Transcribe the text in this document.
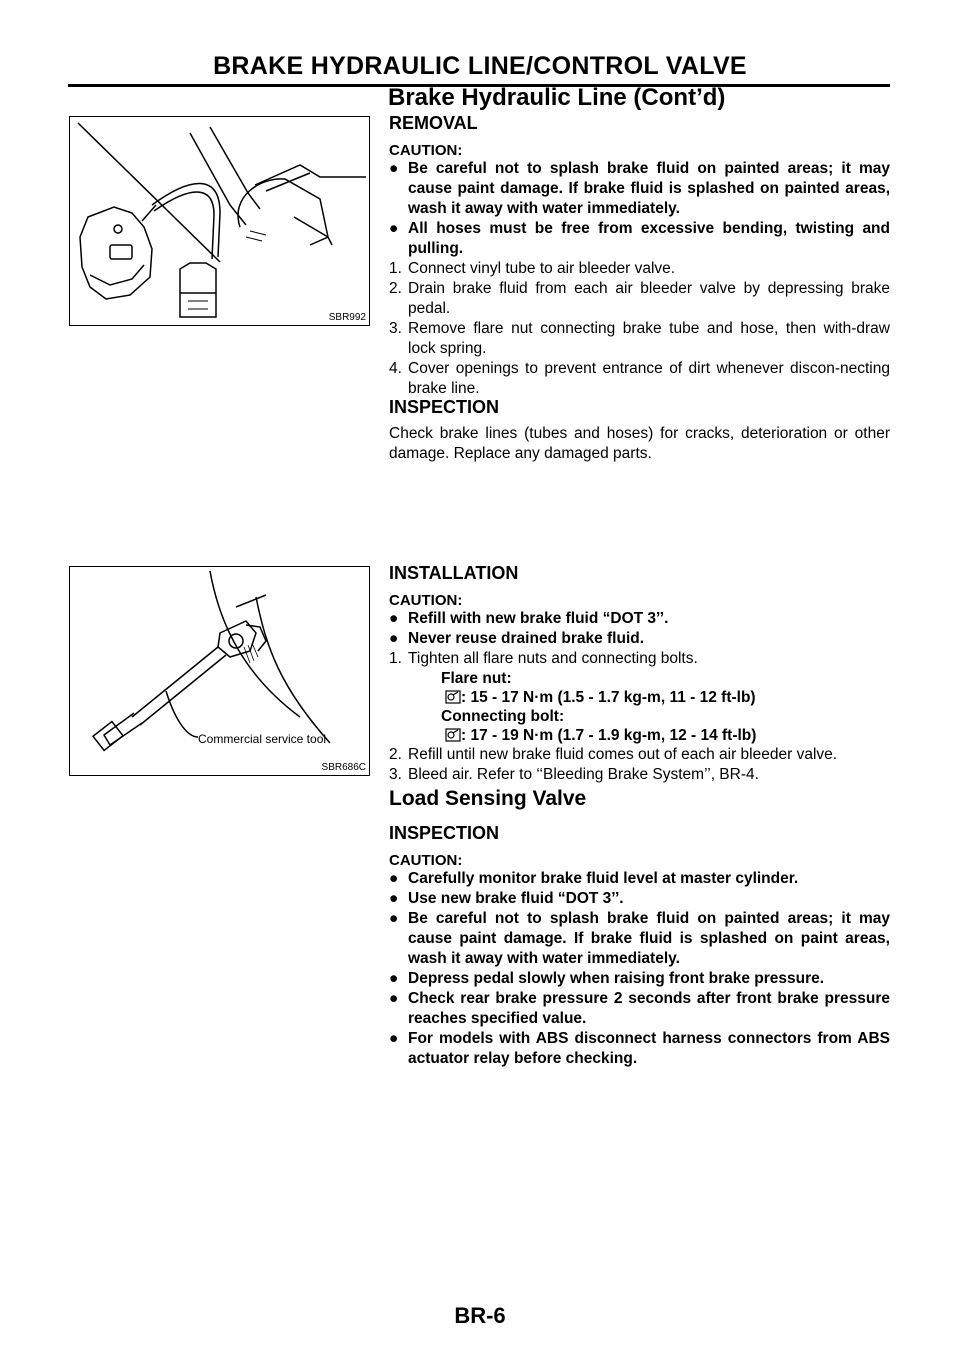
BRAKE HYDRAULIC LINE/CONTROL VALVE
Brake Hydraulic Line (Cont’d)
SBR992
REMOVAL
CAUTION:
● Be careful not to splash brake fluid on painted areas; it may cause paint damage. If brake fluid is splashed on painted areas, wash it away with water immediately.
● All hoses must be free from excessive bending, twisting and pulling.
1. Connect vinyl tube to air bleeder valve.
2. Drain brake fluid from each air bleeder valve by depressing brake pedal.
3. Remove flare nut connecting brake tube and hose, then with-draw lock spring.
4. Cover openings to prevent entrance of dirt whenever discon-necting brake line.
INSPECTION
Check brake lines (tubes and hoses) for cracks, deterioration or other damage. Replace any damaged parts.
Commercial service tool
SBR686C
INSTALLATION
CAUTION:
● Refill with new brake fluid “DOT 3’’.
● Never reuse drained brake fluid.
1. Tighten all flare nuts and connecting bolts.
Flare nut:
: 15 - 17 N·m (1.5 - 1.7 kg-m, 11 - 12 ft-lb)
Connecting bolt:
: 17 - 19 N·m (1.7 - 1.9 kg-m, 12 - 14 ft-lb)
2. Refill until new brake fluid comes out of each air bleeder valve.
3. Bleed air. Refer to ‘‘Bleeding Brake System’’, BR-4.
Load Sensing Valve
INSPECTION
CAUTION:
● Carefully monitor brake fluid level at master cylinder.
● Use new brake fluid “DOT 3’’.
● Be careful not to splash brake fluid on painted areas; it may cause paint damage. If brake fluid is splashed on paint areas, wash it away with water immediately.
● Depress pedal slowly when raising front brake pressure.
● Check rear brake pressure 2 seconds after front brake pressure reaches specified value.
● For models with ABS disconnect harness connectors from ABS actuator relay before checking.
BR-6
